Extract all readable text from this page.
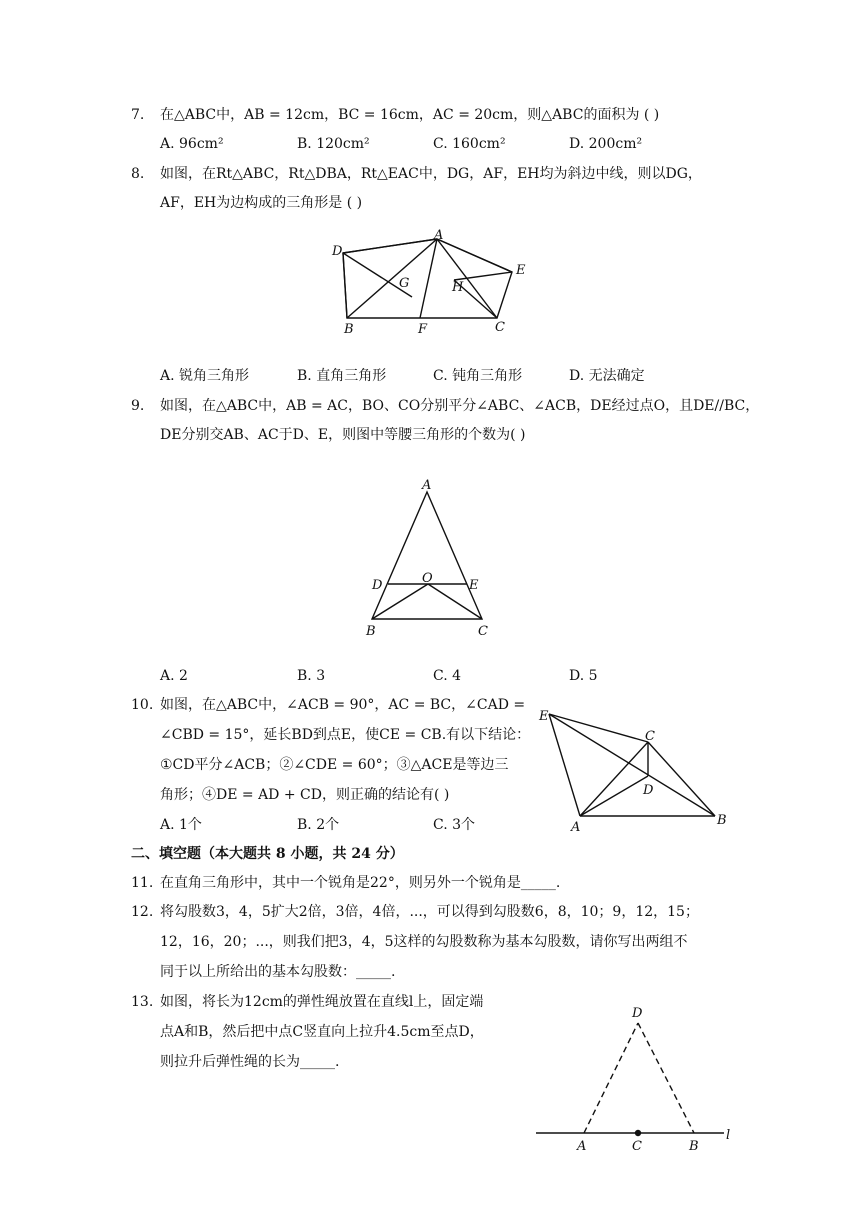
7. 在△ABC中，AB = 12cm，BC = 16cm，AC = 20cm，则△ABC的面积为 ( )
A. 96cm²	B. 120cm²	C. 160cm²	D. 200cm²
8. 如图，在Rt△ABC，Rt△DBA，Rt△EAC中，DG，AF，EH均为斜边中线，则以DG，
AF，EH为边构成的三角形是 ( )
D
A
E
G	H
B	F	C
A. 锐角三角形	B. 直角三角形	C. 钝角三角形	D. 无法确定
9. 如图，在△ABC中，AB = AC，BO、CO分别平分∠ABC、∠ACB，DE经过点O，且DE//BC，
DE分别交AB、AC于D、E，则图中等腰三角形的个数为( )
A
D	O	E
B	C
A. 2	B. 3	C. 4	D. 5
10. 如图，在△ABC中，∠ACB = 90°，AC = BC，∠CAD =
∠CBD = 15°，延长BD到点E，使CE = CB.有以下结论：
①CD平分∠ACB；②∠CDE = 60°；③△ACE是等边三
角形；④DE = AD + CD，则正确的结论有( )
E
C
D
A	B
A. 1个	B. 2个	C. 3个
二、填空题（本大题共 8 小题，共 24 分）
11. 在直角三角形中，其中一个锐角是22°，则另外一个锐角是_____.
12. 将勾股数3，4，5扩大2倍，3倍，4倍，...，可以得到勾股数6，8，10；9，12，15；
12，16，20；...，则我们把3，4，5这样的勾股数称为基本勾股数，请你写出两组不
同于以上所给出的基本勾股数：_____.
13. 如图，将长为12cm的弹性绳放置在直线l上，固定端
点A和B，然后把中点C竖直向上拉升4.5cm至点D，
则拉升后弹性绳的长为_____.
D
A	C	B
l
